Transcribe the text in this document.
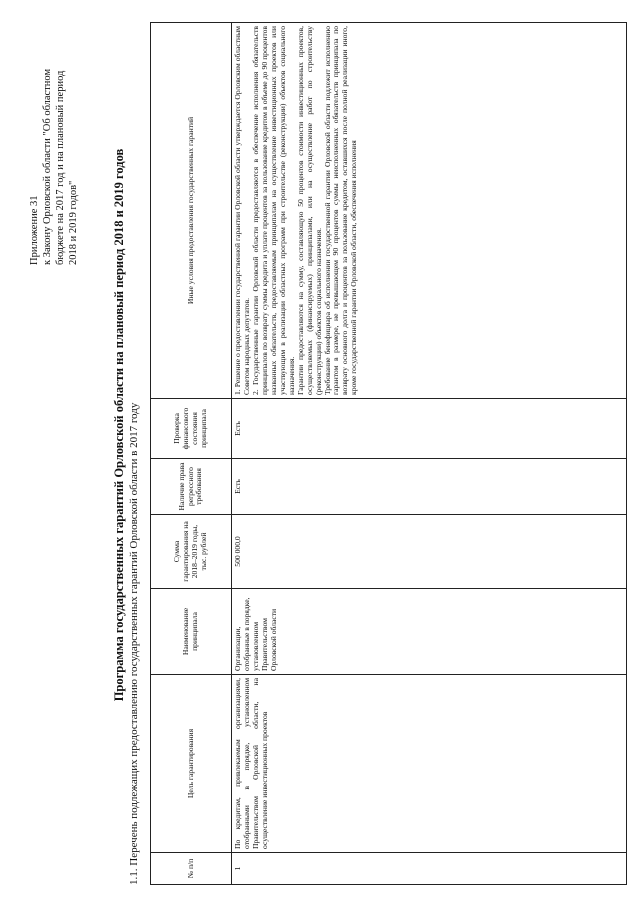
Приложение 31 к Закону Орловской области "Об областном бюджете на 2017 год и на плановый период 2018 и 2019 годов"	Программа государственных гарантий Орловской области на плановый период 2018 и 2019 годов 1.1. Перечень подлежащих предоставлению государственных гарантий Орловской области в 2017 году	№ п/п	Цель гарантирования	Наименование принципала	Сумма гарантирования на 2018–2019 годы, тыс. рублей	Наличие права регрессного требования	Проверка финансового состояния принципала	Иные условия предоставления государственных гарантий
1	По кредитам, привлекаемым организациями, отобранными в порядке, установленном Правительством Орловской области, на осуществление инвестиционных проектов	Организации, отобранные в порядке, установленном Правительством Орловской области	500 000,0	Есть	Есть	1. Решение о предоставлении государственной гарантии Орловской области утверждается Орловским областным Советом народных депутатов. 2. Государственные гарантии Орловской области предоставляются в обеспечение исполнения обязательств принципалов по возврату суммы кредита и уплате процентов за пользование кредитом в объеме до 90 процентов названных обязательств, предоставляемым принципалам на осуществление инвестиционных проектов или участвующим в реализации областных программ при строительстве (реконструкции) объектов социального назначения. Гарантии предоставляются на сумму, составляющую 50 процентов стоимости инвестиционных проектов, осуществляемых (финансируемых) принципалами, или на осуществление работ по строительству (реконструкции) объектов социального назначения. Требование бенефициара об исполнении государственной гарантии Орловской области подлежит исполнению гарантом в размере, не превышающем 90 процентов суммы неисполненных обязательств принципала по возврату основного долга и процентов за пользование кредитом, оставшихся после полной реализации иного, кроме государственной гарантии Орловской области, обеспечения исполнения
